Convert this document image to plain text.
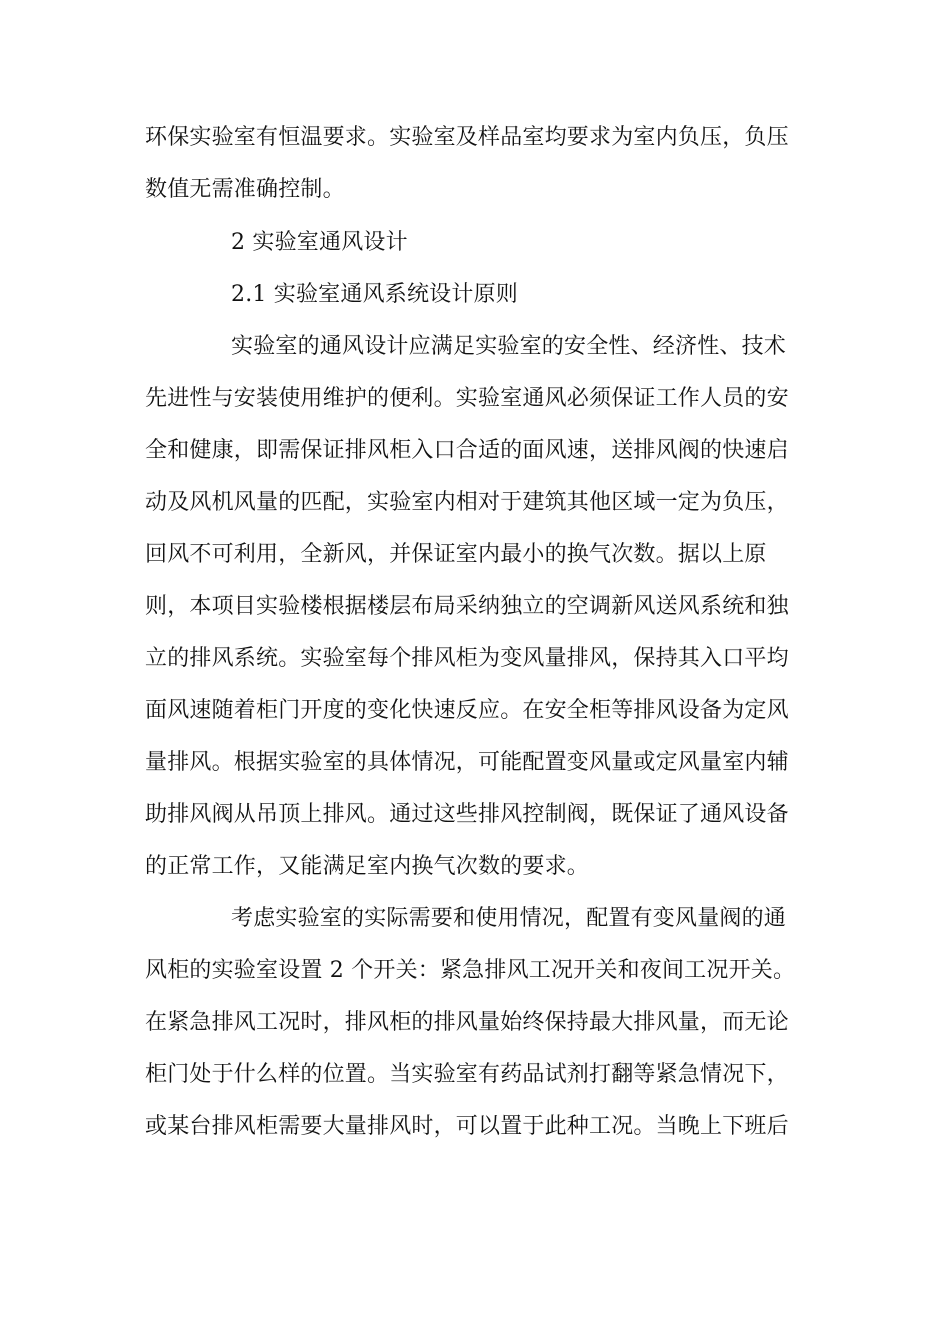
环保实验室有恒温要求。实验室及样品室均要求为室内负压，负压
数值无需准确控制。
2 实验室通风设计
2.1 实验室通风系统设计原则
实验室的通风设计应满足实验室的安全性、经济性、技术
先进性与安装使用维护的便利。实验室通风必须保证工作人员的安
全和健康，即需保证排风柜入口合适的面风速，送排风阀的快速启
动及风机风量的匹配，实验室内相对于建筑其他区域一定为负压，
回风不可利用，全新风，并保证室内最小的换气次数。据以上原
则，本项目实验楼根据楼层布局采纳独立的空调新风送风系统和独
立的排风系统。实验室每个排风柜为变风量排风，保持其入口平均
面风速随着柜门开度的变化快速反应。在安全柜等排风设备为定风
量排风。根据实验室的具体情况，可能配置变风量或定风量室内辅
助排风阀从吊顶上排风。通过这些排风控制阀，既保证了通风设备
的正常工作，又能满足室内换气次数的要求。
考虑实验室的实际需要和使用情况，配置有变风量阀的通
风柜的实验室设置 2 个开关：紧急排风工况开关和夜间工况开关。
在紧急排风工况时，排风柜的排风量始终保持最大排风量，而无论
柜门处于什么样的位置。当实验室有药品试剂打翻等紧急情况下，
或某台排风柜需要大量排风时，可以置于此种工况。当晚上下班后
